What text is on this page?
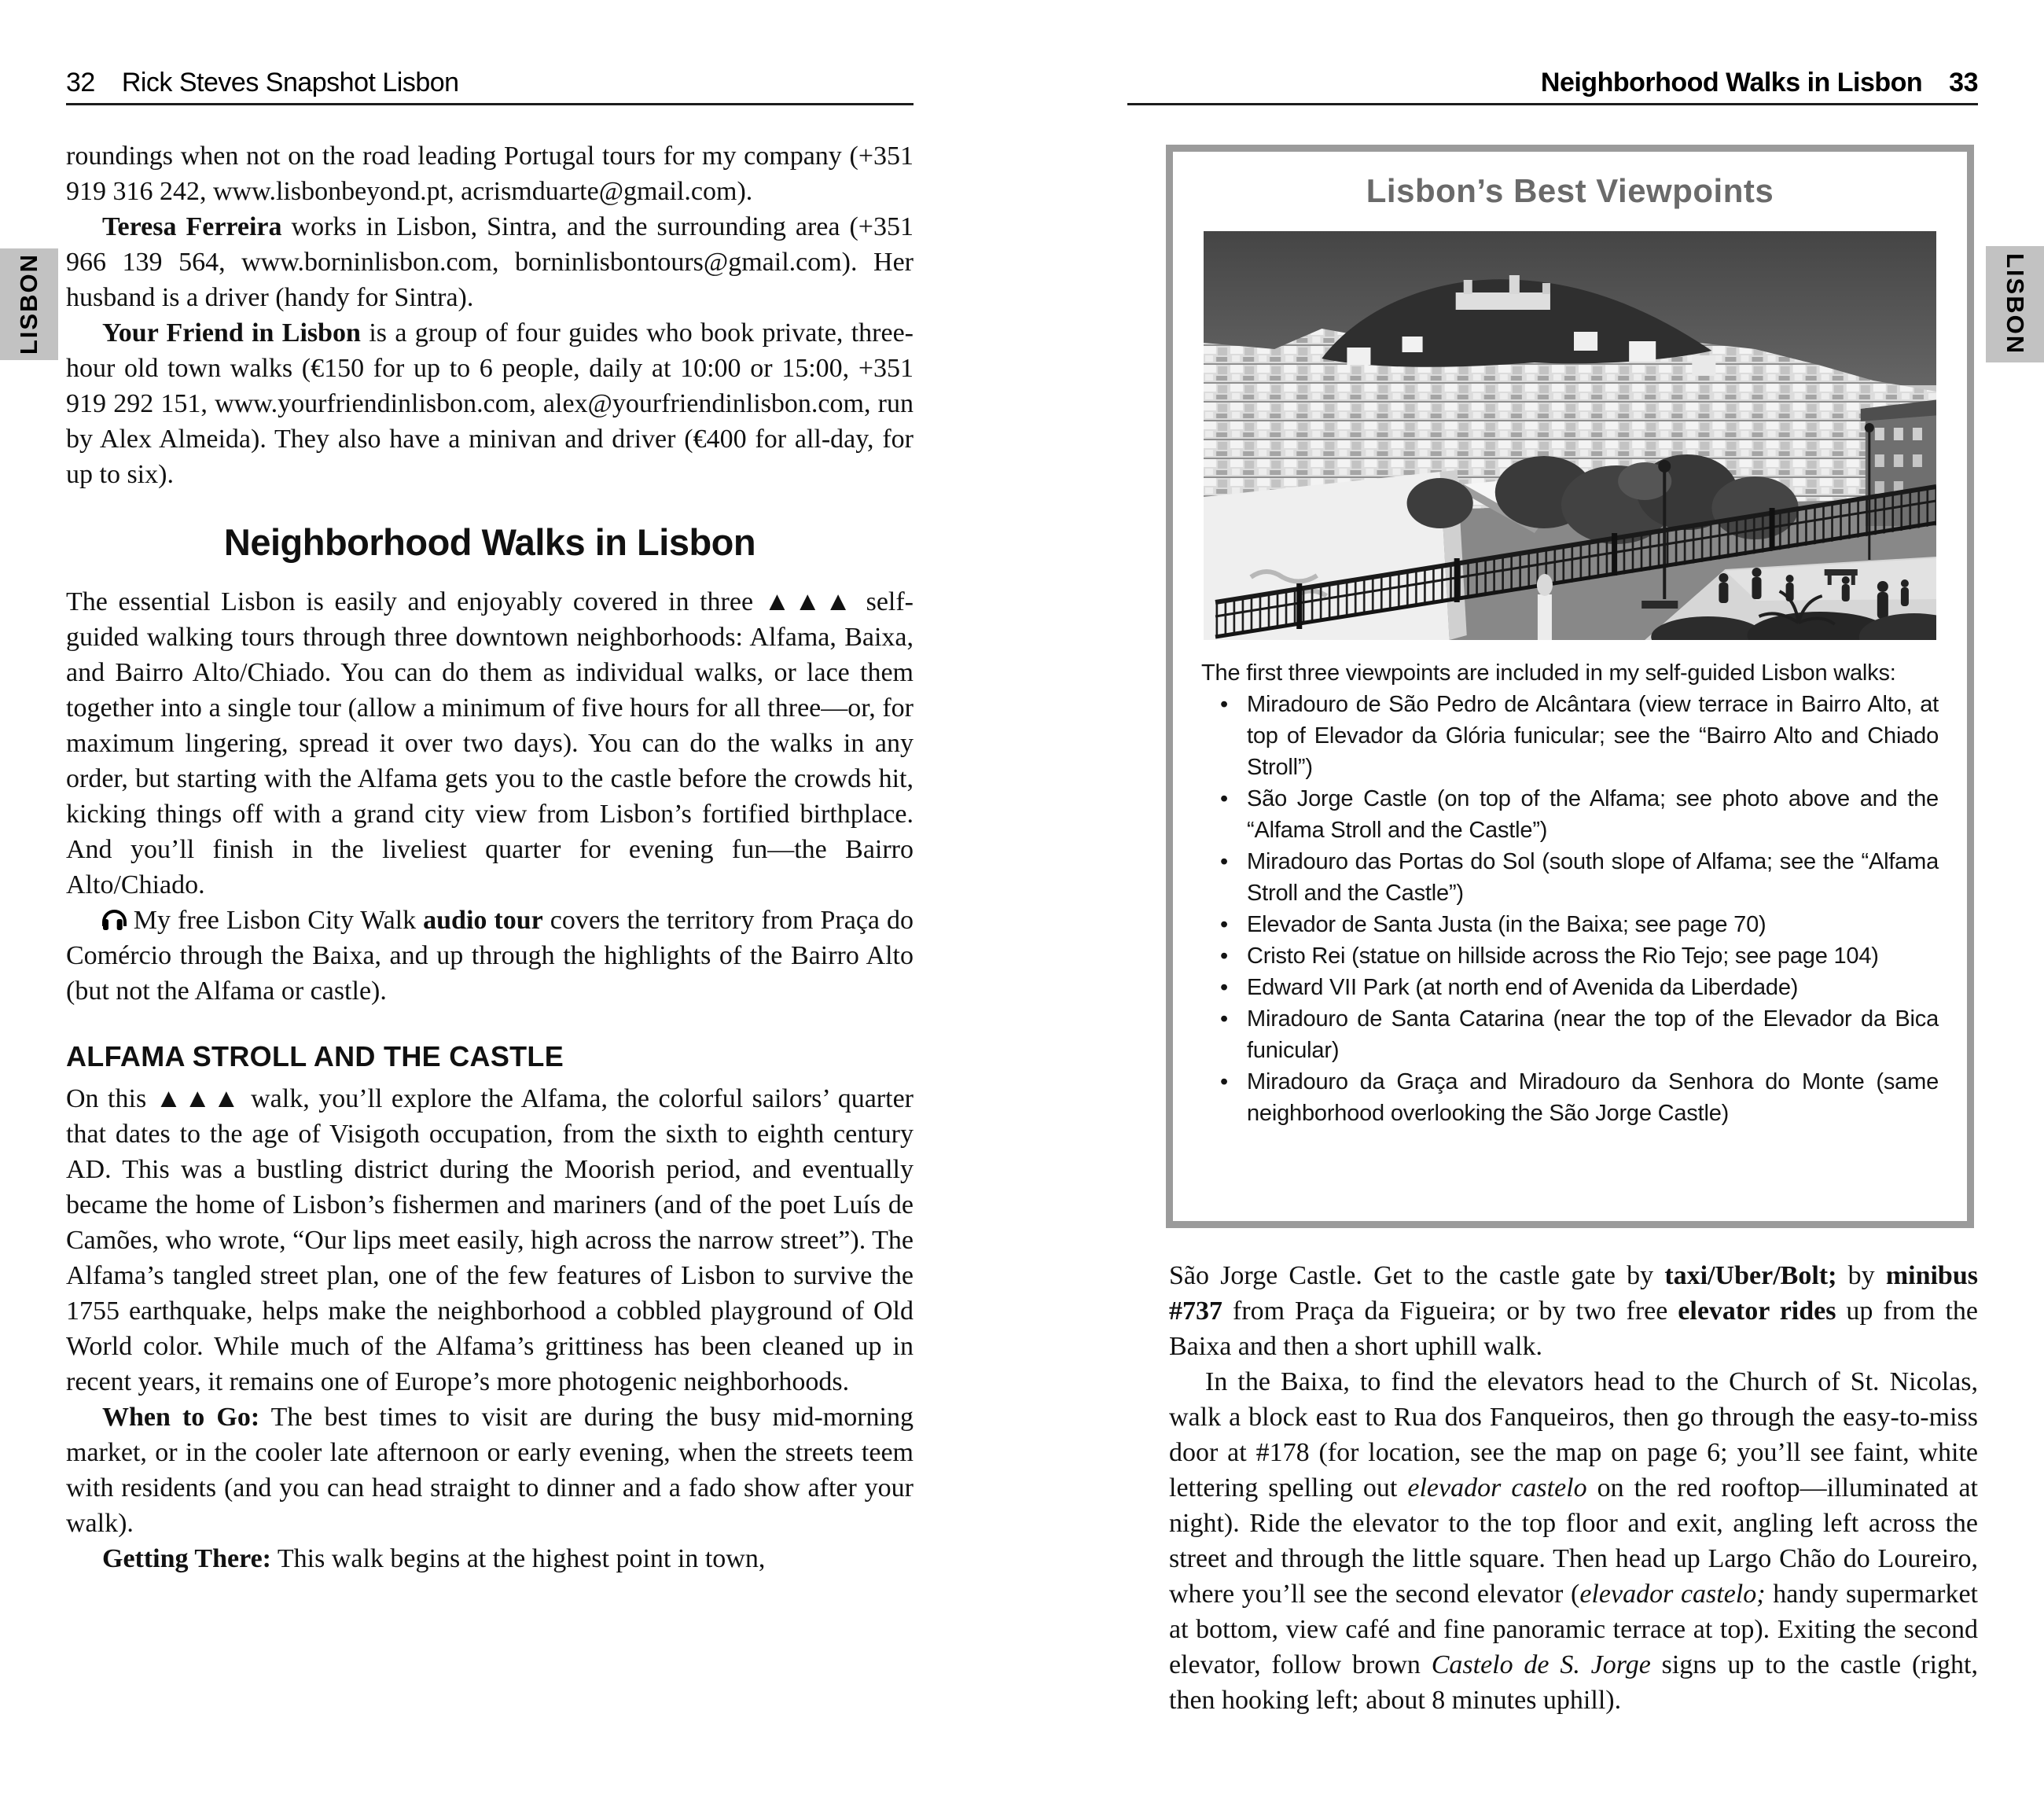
32 Rick Steves Snapshot Lisbon	Neighborhood Walks in Lisbon 33
LISBON	LISBON

roundings when not on the road leading Portugal tours for my company (+351 919 316 242, www.lisbonbeyond.pt, acrismduarte@gmail.com).

Teresa Ferreira works in Lisbon, Sintra, and the surrounding area (+351 966 139 564, www.borninlisbon.com, borninlisbontours@gmail.com). Her husband is a driver (handy for Sintra).

Your Friend in Lisbon is a group of four guides who book private, three-hour old town walks (€150 for up to 6 people, daily at 10:00 or 15:00, +351 919 292 151, www.yourfriendinlisbon.com, alex@yourfriendinlisbon.com, run by Alex Almeida). They also have a minivan and driver (€400 for all-day, for up to six).

Neighborhood Walks in Lisbon

The essential Lisbon is easily and enjoyably covered in three ▲▲▲ self-guided walking tours through three downtown neighborhoods: Alfama, Baixa, and Bairro Alto/Chiado. You can do them as individual walks, or lace them together into a single tour (allow a minimum of five hours for all three—or, for maximum lingering, spread it over two days). You can do the walks in any order, but starting with the Alfama gets you to the castle before the crowds hit, kicking things off with a grand city view from Lisbon’s fortified birthplace. And you’ll finish in the liveliest quarter for evening fun—the Bairro Alto/Chiado.

My free Lisbon City Walk audio tour covers the territory from Praça do Comércio through the Baixa, and up through the highlights of the Bairro Alto (but not the Alfama or castle).

ALFAMA STROLL AND THE CASTLE

On this ▲▲▲ walk, you’ll explore the Alfama, the colorful sailors’ quarter that dates to the age of Visigoth occupation, from the sixth to eighth century AD. This was a bustling district during the Moorish period, and eventually became the home of Lisbon’s fishermen and mariners (and of the poet Luís de Camões, who wrote, “Our lips meet easily, high across the narrow street”). The Alfama’s tangled street plan, one of the few features of Lisbon to survive the 1755 earthquake, helps make the neighborhood a cobbled playground of Old World color. While much of the Alfama’s grittiness has been cleaned up in recent years, it remains one of Europe’s more photogenic neighborhoods.

When to Go: The best times to visit are during the busy mid-morning market, or in the cooler late afternoon or early evening, when the streets teem with residents (and you can head straight to dinner and a fado show after your walk).

Getting There: This walk begins at the highest point in town,

Lisbon’s Best Viewpoints

The first three viewpoints are included in my self-guided Lisbon walks:

• Miradouro de São Pedro de Alcântara (view terrace in Bairro Alto, at top of Elevador da Glória funicular; see the “Bairro Alto and Chiado Stroll”)
• São Jorge Castle (on top of the Alfama; see photo above and the “Alfama Stroll and the Castle”)
• Miradouro das Portas do Sol (south slope of Alfama; see the “Alfama Stroll and the Castle”)
• Elevador de Santa Justa (in the Baixa; see page 70)
• Cristo Rei (statue on hillside across the Rio Tejo; see page 104)
• Edward VII Park (at north end of Avenida da Liberdade)
• Miradouro de Santa Catarina (near the top of the Elevador da Bica funicular)
• Miradouro da Graça and Miradouro da Senhora do Monte (same neighborhood overlooking the São Jorge Castle)

São Jorge Castle. Get to the castle gate by taxi/Uber/Bolt; by minibus #737 from Praça da Figueira; or by two free elevator rides up from the Baixa and then a short uphill walk.

In the Baixa, to find the elevators head to the Church of St. Nicolas, walk a block east to Rua dos Fanqueiros, then go through the easy-to-miss door at #178 (for location, see the map on page 6; you’ll see faint, white lettering spelling out elevador castelo on the red rooftop—illuminated at night). Ride the elevator to the top floor and exit, angling left across the street and through the little square. Then head up Largo Chão do Loureiro, where you’ll see the second elevator (elevador castelo; handy supermarket at bottom, view café and fine panoramic terrace at top). Exiting the second elevator, follow brown Castelo de S. Jorge signs up to the castle (right, then hooking left; about 8 minutes uphill).
